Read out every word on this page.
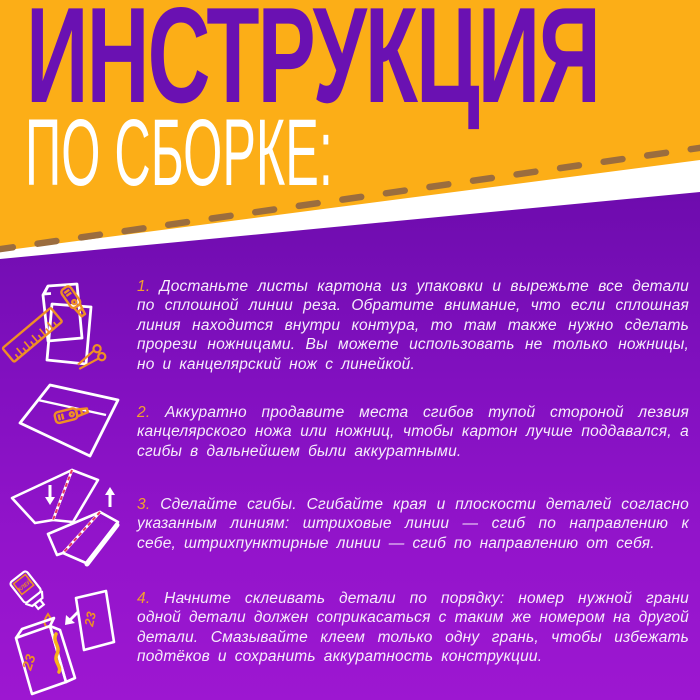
ИНСТРУКЦИЯ
ПО СБОРКЕ:

1. Достаньте листы картона из упаковки и вырежьте все детали по сплошной линии реза. Обратите внимание, что если сплошная линия находится внутри контура, то там также нужно сделать прорези ножницами. Вы можете использовать не только ножницы, но и канцелярский нож с линейкой.

2. Аккуратно продавите места сгибов тупой стороной лезвия канцелярского ножа или ножниц, чтобы картон лучше поддавался, а сгибы в дальнейшем были аккуратными.

3. Сделайте сгибы. Сгибайте края и плоскости деталей согласно указанным линиям: штриховые линии — сгиб по направлению к себе, штрихпунктирные линии — сгиб по направлению от себя.

КЛЕЙ
23
23

4. Начните склеивать детали по порядку: номер нужной грани одной детали должен соприкасаться с таким же номером на другой детали. Смазывайте клеем только одну грань, чтобы избежать подтёков и сохранить аккуратность конструкции.
